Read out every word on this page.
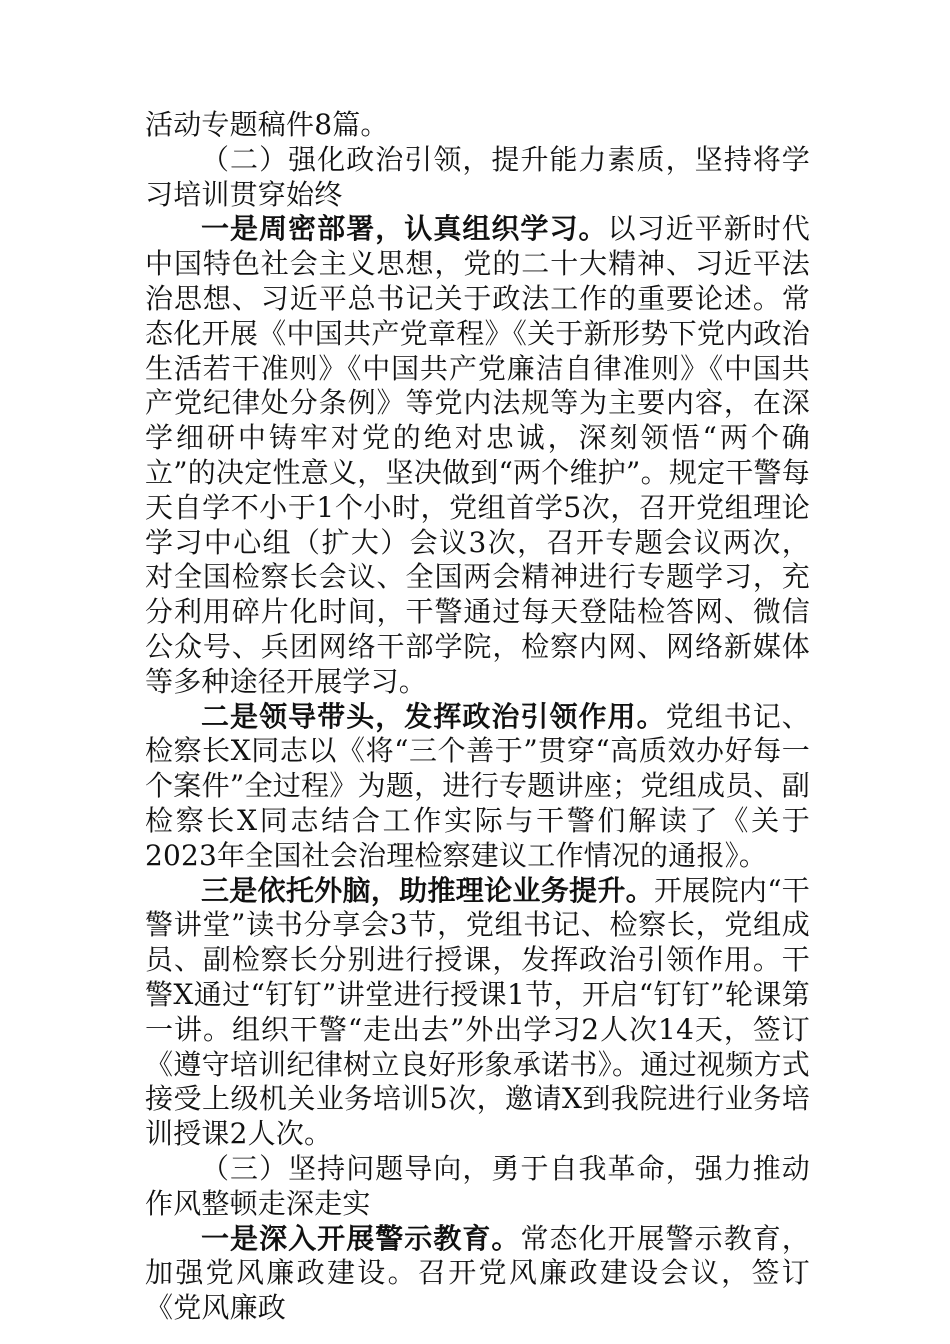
活动专题稿件8篇。

（二）强化政治引领，提升能力素质，坚持将学习培训贯穿始终

一是周密部署，认真组织学习。以习近平新时代中国特色社会主义思想，党的二十大精神、习近平法治思想、习近平总书记关于政法工作的重要论述。常态化开展《中国共产党章程》《关于新形势下党内政治生活若干准则》《中国共产党廉洁自律准则》《中国共产党纪律处分条例》等党内法规等为主要内容，在深学细研中铸牢对党的绝对忠诚，深刻领悟“两个确立”的决定性意义，坚决做到“两个维护”。规定干警每天自学不小于1个小时，党组首学5次，召开党组理论学习中心组（扩大）会议3次，召开专题会议两次，对全国检察长会议、全国两会精神进行专题学习，充分利用碎片化时间，干警通过每天登陆检答网、微信公众号、兵团网络干部学院，检察内网、网络新媒体等多种途径开展学习。

二是领导带头，发挥政治引领作用。党组书记、检察长X同志以《将“三个善于”贯穿“高质效办好每一个案件”全过程》为题，进行专题讲座；党组成员、副检察长X同志结合工作实际与干警们解读了《关于2023年全国社会治理检察建议工作情况的通报》。

三是依托外脑，助推理论业务提升。开展院内“干警讲堂”读书分享会3节，党组书记、检察长，党组成员、副检察长分别进行授课，发挥政治引领作用。干警X通过“钉钉”讲堂进行授课1节，开启“钉钉”轮课第一讲。组织干警“走出去”外出学习2人次14天，签订《遵守培训纪律树立良好形象承诺书》。通过视频方式接受上级机关业务培训5次，邀请X到我院进行业务培训授课2人次。

（三）坚持问题导向，勇于自我革命，强力推动作风整顿走深走实

一是深入开展警示教育。常态化开展警示教育，加强党风廉政建设。召开党风廉政建设会议，签订《党风廉政
